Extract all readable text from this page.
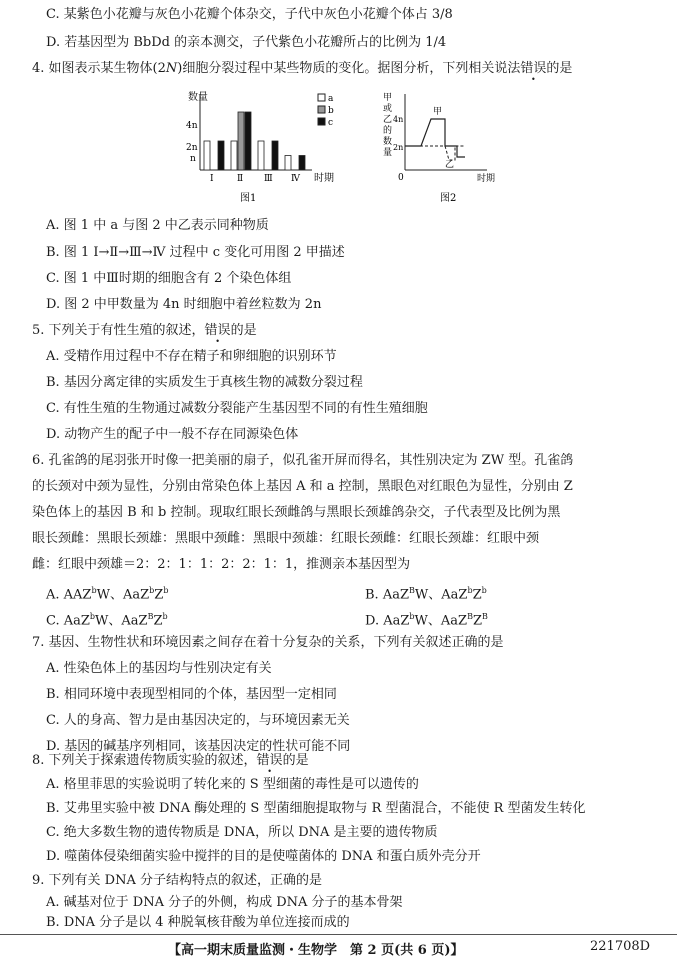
C. 某紫色小花瓣与灰色小花瓣个体杂交，子代中灰色小花瓣个体占 3/8
D. 若基因型为 BbDd 的亲本测交，子代紫色小花瓣所占的比例为 1/4
4. 如图表示某生物体(2N)细胞分裂过程中某些物质的变化。据图分析，下列相关说法错误的是
数量
4n
2n
n
Ⅰ	Ⅱ Ⅲ Ⅳ 时期
a
b
c
图1
甲
或
乙
的
数
量
4n
2n
0
甲
乙
时期
图2
A. 图 1 中 a 与图 2 中乙表示同种物质
B. 图 1 Ⅰ→Ⅱ→Ⅲ→Ⅳ 过程中 c 变化可用图 2 甲描述
C. 图 1 中Ⅲ时期的细胞含有 2 个染色体组
D. 图 2 中甲数量为 4n 时细胞中着丝粒数为 2n
5. 下列关于有性生殖的叙述，错误的是
A. 受精作用过程中不存在精子和卵细胞的识别环节
B. 基因分离定律的实质发生于真核生物的减数分裂过程
C. 有性生殖的生物通过减数分裂能产生基因型不同的有性生殖细胞
D. 动物产生的配子中一般不存在同源染色体
6. 孔雀鸽的尾羽张开时像一把美丽的扇子，似孔雀开屏而得名，其性别决定为 ZW 型。孔雀鸽
的长颈对中颈为显性，分别由常染色体上基因 A 和 a 控制，黑眼色对红眼色为显性，分别由 Z
染色体上的基因 B 和 b 控制。现取红眼长颈雌鸽与黑眼长颈雄鸽杂交，子代表型及比例为黑
眼长颈雌：黑眼长颈雄：黑眼中颈雌：黑眼中颈雄：红眼长颈雌：红眼长颈雄：红眼中颈
雌：红眼中颈雄＝2：2：1：1：2：2：1：1，推测亲本基因型为
A. AAZ$^b$W、$AaZ^bZ^b$	B. AaZ$^B$W、$AaZ^bZ^b$
C. AaZ$^b$W、$AaZ^BZ^b$	D. AaZ$^b$W、$AaZ^BZ^B$
7. 基因、生物性状和环境因素之间存在着十分复杂的关系，下列有关叙述正确的是
A. 性染色体上的基因均与性别决定有关
B. 相同环境中表现型相同的个体，基因型一定相同
C. 人的身高、智力是由基因决定的，与环境因素无关
D. 基因的碱基序列相同，该基因决定的性状可能不同
8. 下列关于探索遗传物质实验的叙述，错误的是
A. 格里菲思的实验说明了转化来的 S 型细菌的毒性是可以遗传的
B. 艾弗里实验中被 DNA 酶处理的 S 型菌细胞提取物与 R 型菌混合，不能使 R 型菌发生转化
C. 绝大多数生物的遗传物质是 DNA，所以 DNA 是主要的遗传物质
D. 噬菌体侵染细菌实验中搅拌的目的是使噬菌体的 DNA 和蛋白质外壳分开
9. 下列有关 DNA 分子结构特点的叙述，正确的是
A. 碱基对位于 DNA 分子的外侧，构成 DNA 分子的基本骨架
【高一期末质量监测・生物学　第 2 页(共 6 页)】	221708D
B. DNA 分子是以 4 种脱氧核苷酸为单位连接而成的
